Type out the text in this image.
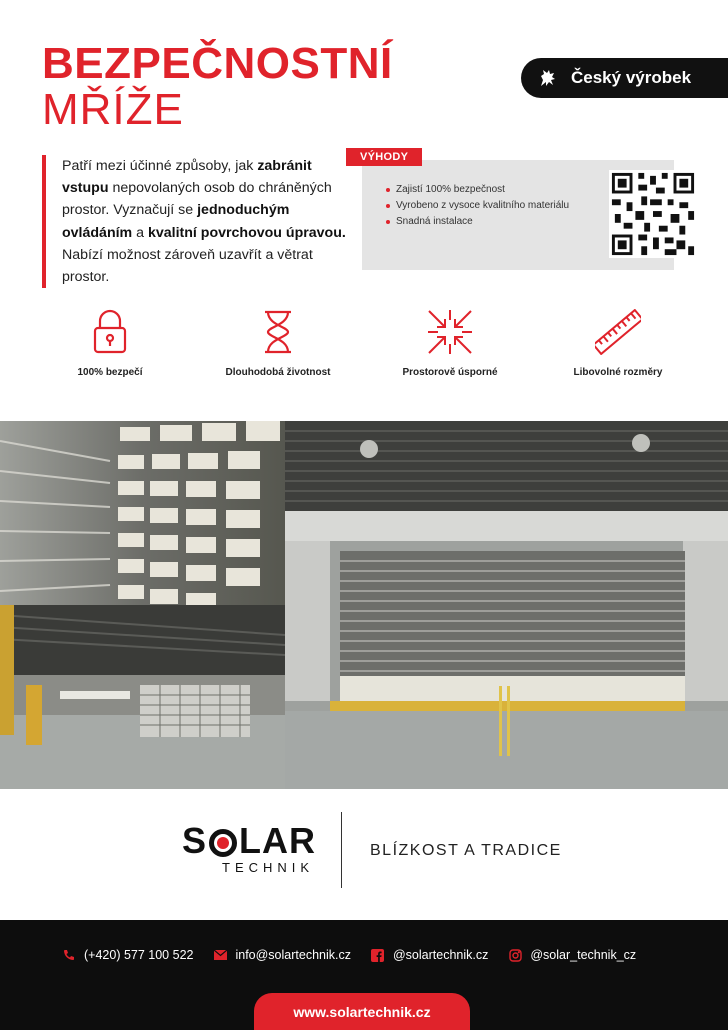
BEZPEČNOSTNÍ
MŘÍŽE
Český výrobek
Patří mezi účinné způsoby, jak zabránit vstupu nepovolaných osob do chráněných prostor. Vyznačují se jednoduchým ovládáním a kvalitní povrchovou úpravou. Nabízí možnost zároveň uzavřít a větrat prostor.
Zajistí 100% bezpečnost
Vyrobeno z vysoce kvalitního materiálu
Snadná instalace
VÝHODY
100% bezpečí	Dlouhodobá životnost	Prostorově úsporné	Libovolné rozměry
S LAR
TECHNIK
BLÍZKOST A TRADICE
(+420) 577 100 522	info@solartechnik.cz	@solartechnik.cz	@solar_technik_cz
www.solartechnik.cz
